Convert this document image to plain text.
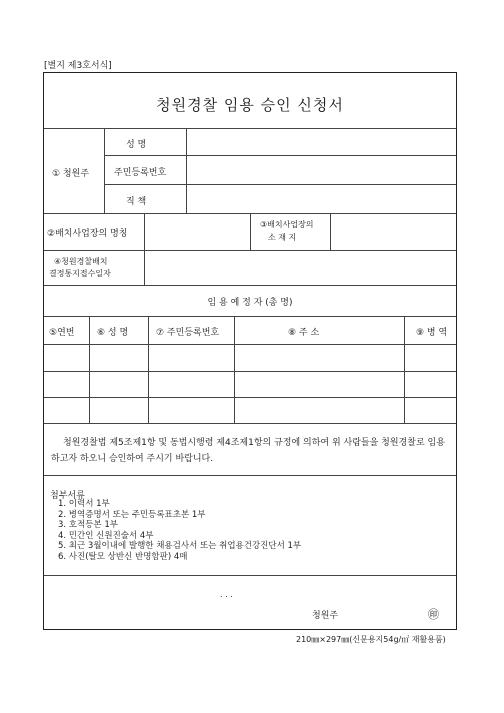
[별지 제3호서식]
청원경찰 임용 승인 신청서
① 청원주
성 명
주민등록번호
직 책
②배치사업장의 명칭
③배치사업장의
소 재 지
④청원경찰배치
결정통지접수일자
임 용 예 정 자 (총 명)
⑤연번	⑥ 성 명	⑦ 주민등록번호	⑧ 주 소	⑨ 병 역
청원경찰법 제5조제1항 및 동법시행령 제4조제1항의 규정에 의하여 위 사람들을 청원경찰로 임용하고자 하오니 승인하여 주시기 바랍니다.
첨부서류
1. 이력서 1부
2. 병역증명서 또는 주민등록표초본 1부
3. 호적등본 1부
4. 민간인 신원진술서 4부
5. 최근 3월이내에 발행한 채용검사서 또는 취업용건강진단서 1부
6. 사진(탈모 상반신 반명함판) 4매
. . .
청원주	㊞
210㎜×297㎜(신문용지54g/㎡ 재활용품)
